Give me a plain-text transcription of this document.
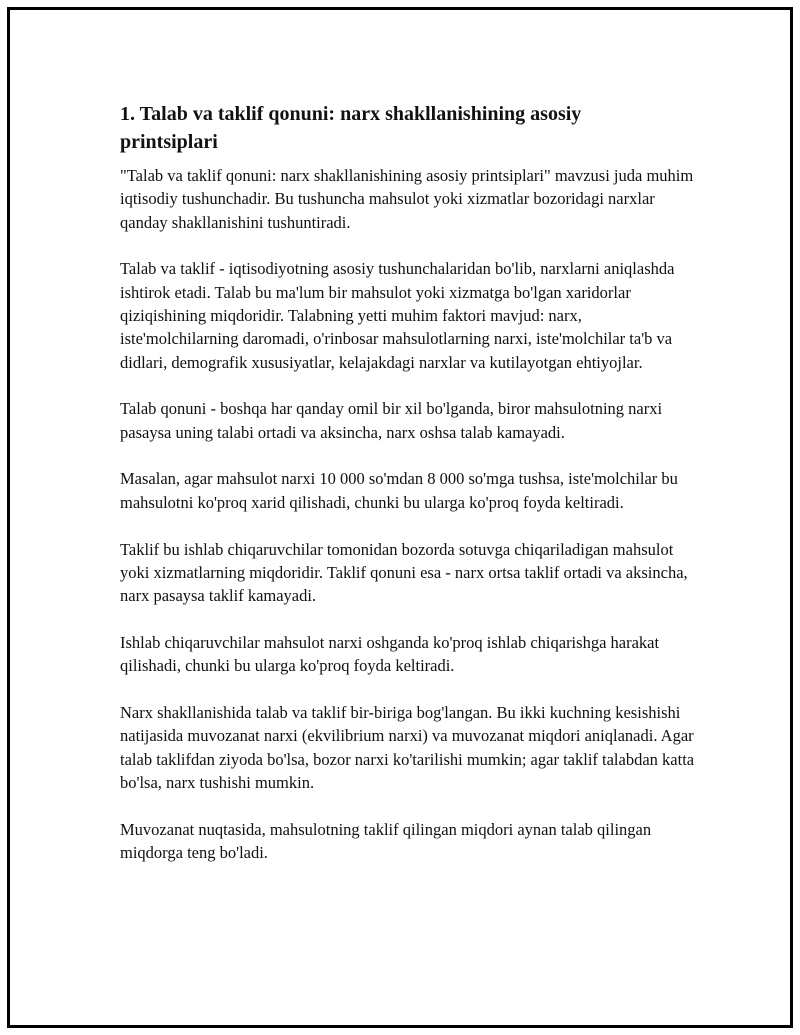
1. Talab va taklif qonuni: narx shakllanishining asosiy printsiplari

"Talab va taklif qonuni: narx shakllanishining asosiy printsiplari" mavzusi juda muhim iqtisodiy tushunchadir. Bu tushuncha mahsulot yoki xizmatlar bozoridagi narxlar qanday shakllanishini tushuntiradi.

Talab va taklif - iqtisodiyotning asosiy tushunchalaridan bo'lib, narxlarni aniqlashda ishtirok etadi. Talab bu ma'lum bir mahsulot yoki xizmatga bo'lgan xaridorlar qiziqishining miqdoridir. Talabning yetti muhim faktori mavjud: narx, iste'molchilarning daromadi, o'rinbosar mahsulotlarning narxi, iste'molchilar ta'b va didlari, demografik xususiyatlar, kelajakdagi narxlar va kutilayotgan ehtiyojlar.

Talab qonuni - boshqa har qanday omil bir xil bo'lganda, biror mahsulotning narxi pasaysa uning talabi ortadi va aksincha, narx oshsa talab kamayadi.

Masalan, agar mahsulot narxi 10 000 so'mdan 8 000 so'mga tushsa, iste'molchilar bu mahsulotni ko'proq xarid qilishadi, chunki bu ularga ko'proq foyda keltiradi.

Taklif bu ishlab chiqaruvchilar tomonidan bozorda sotuvga chiqariladigan mahsulot yoki xizmatlarning miqdoridir. Taklif qonuni esa - narx ortsa taklif ortadi va aksincha, narx pasaysa taklif kamayadi.

Ishlab chiqaruvchilar mahsulot narxi oshganda ko'proq ishlab chiqarishga harakat qilishadi, chunki bu ularga ko'proq foyda keltiradi.

Narx shakllanishida talab va taklif bir-biriga bog'langan. Bu ikki kuchning kesishishi natijasida muvozanat narxi (ekvilibrium narxi) va muvozanat miqdori aniqlanadi. Agar talab taklifdan ziyoda bo'lsa, bozor narxi ko'tarilishi mumkin; agar taklif talabdan katta bo'lsa, narx tushishi mumkin.

Muvozanat nuqtasida, mahsulotning taklif qilingan miqdori aynan talab qilingan miqdorga teng bo'ladi.
